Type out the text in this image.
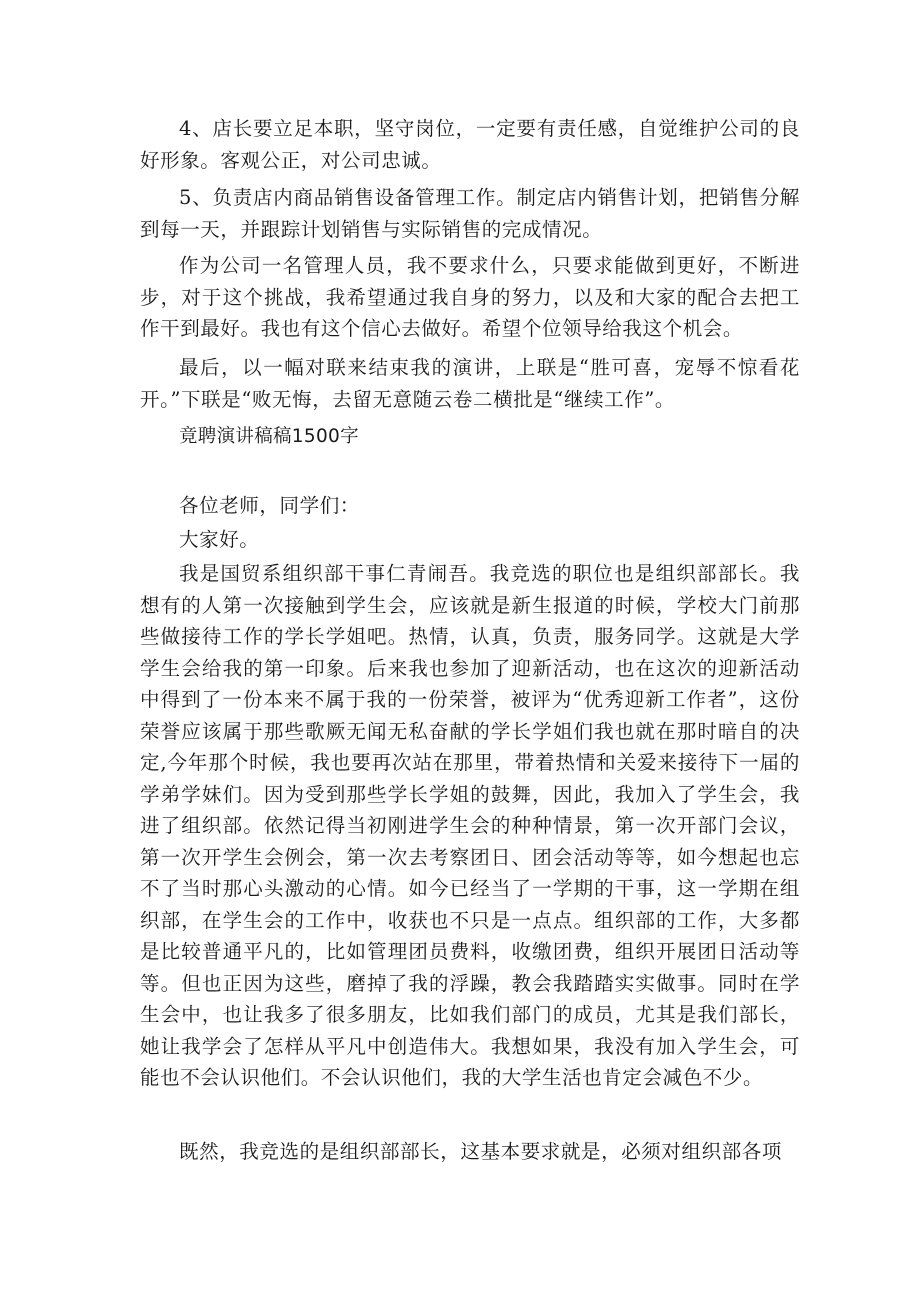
4、店长要立足本职，坚守岗位，一定要有责任感，自觉维护公司的良好形象。客观公正，对公司忠诚。

5、负责店内商品销售设备管理工作。制定店内销售计划，把销售分解到每一天，并跟踪计划销售与实际销售的完成情况。

作为公司一名管理人员，我不要求什么，只要求能做到更好，不断进步，对于这个挑战，我希望通过我自身的努力，以及和大家的配合去把工作干到最好。我也有这个信心去做好。希望个位领导给我这个机会。

最后，以一幅对联来结束我的演讲，上联是“胜可喜，宠辱不惊看花开。”下联是“败无悔，去留无意随云卷二横批是“继续工作”。

竟聘演讲稿稿1500字

各位老师，同学们：

大家好。

我是国贸系组织部干事仁青闹吾。我竞选的职位也是组织部部长。我想有的人第一次接触到学生会，应该就是新生报道的时候，学校大门前那些做接待工作的学长学姐吧。热情，认真，负责，服务同学。这就是大学学生会给我的第一印象。后来我也参加了迎新活动，也在这次的迎新活动中得到了一份本来不属于我的一份荣誉，被评为“优秀迎新工作者”，这份荣誉应该属于那些歌厥无闻无私奋献的学长学姐们我也就在那时暗自的决定,今年那个时候，我也要再次站在那里，带着热情和关爱来接待下一届的学弟学妹们。因为受到那些学长学姐的鼓舞，因此，我加入了学生会，我进了组织部。依然记得当初刚进学生会的种种情景，第一次开部门会议，第一次开学生会例会，第一次去考察团日、团会活动等等，如今想起也忘不了当时那心头激动的心情。如今已经当了一学期的干事，这一学期在组织部，在学生会的工作中，收获也不只是一点点。组织部的工作，大多都是比较普通平凡的，比如管理团员费料，收缴团费，组织开展团日活动等等。但也正因为这些，磨掉了我的浮躁，教会我踏踏实实做事。同时在学生会中，也让我多了很多朋友，比如我们部门的成员，尤其是我们部长，她让我学会了怎样从平凡中创造伟大。我想如果，我没有加入学生会，可能也不会认识他们。不会认识他们，我的大学生活也肯定会减色不少。

既然，我竞选的是组织部部长，这基本要求就是，必须对组织部各项
